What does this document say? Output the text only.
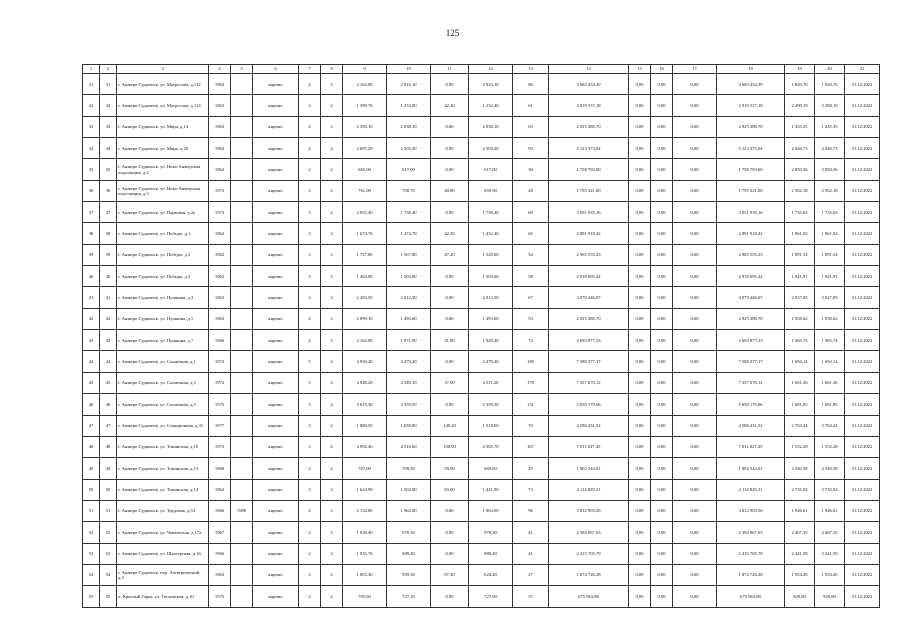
125
1	2	3	4	5	6	7	8	9	10	11	12	13	14	15	16	17	18	19	20	21
31	31	г. Анжеро-Судженск, ул. Матросова, д.112	1963		кирпич	4	3	2 164,00	2 023,10	0,00	2 023,10	86	3 683 454,39	0,00	0,00	0,00	3 683 454,39	1 820,70	1 820,70	31.12.2022
32	32	г. Анжеро-Судженск, ул. Матросова, д.114	1963		кирпич	4	2	1 399,70	1 274,80	42,40	1 232,40	61	2 919 537,18	0,00	0,00	0,00	2 919 537,18	2 290,19	2 290,19	31.12.2022
33	33	г. Анжеро-Судженск, ул. Мира, д.14	1963		кирпич	4	3	2 350,10	2 038,10	0,00	2 038,10	63	2 925 380,70	0,00	0,00	0,00	2 925 380,70	1 435,35	1 435,35	31.12.2022
34	34	г. Анжеро-Судженск, ул. Мира, д.26	1963		кирпич	4	4	2 697,20	2 503,20	0,00	2 503,20	93	5 123 373,04	0,00	0,00	0,00	5 123 373,04	2 046,73	2 046,73	31.12.2022
35	35	г. Анжеро-Судженск, ул. Ново-Анжерская подстанция, д.2	1962		кирпич	2	2	665,00	617,00	0,00	617,00	30	1 758 793,60	0,00	0,00	0,00	1 758 793,60	2 850,56	2 850,56	31.12.2022
36	36	г. Анжеро-Судженск, ул. Ново-Анжерская подстанция, д.3	1973		кирпич	2	2	761,00	700,70	40,80	659,90	28	1 795 321,60	0,00	0,00	0,00	1 795 321,60	2 562,18	2 562,18	31.12.2022
37	37	г. Анжеро-Судженск, ул. Парковая, д.2а	1973		кирпич	5	2	2 055,40	1 758,40	0,00	1 758,40	69	3 051 935,16	0,00	0,00	0,00	3 051 935,16	1 735,63	1 735,63	31.12.2022
38	38	г. Анжеро-Судженск, ул. Победы, д.1	1962		кирпич	3	3	1 674,70	1 474,70	42,30	1 432,40	65	2 891 918,42	0,00	0,00	0,00	2 891 918,42	1 961,02	1 961,02	31.12.2022
39	39	г. Анжеро-Судженск, ул. Победы, д.2	1962		кирпич	3	3	1 727,80	1 567,80	47,20	1 520,60	54	2 965 555,23	0,00	0,00	0,00	2 965 555,23	1 891,54	1 891,54	31.12.2022
40	40	г. Анжеро-Судженск, ул. Победы, д.3	1962		кирпич	3	3	1 463,00	1 503,00	0,00	1 503,00	58	2 918 695,44	0,00	0,00	0,00	2 918 695,44	1 941,91	1 941,91	31.12.2022
41	41	г. Анжеро-Судженск, ул. Пушкина, д.3	1963		кирпич	4	3	2 203,50	2 012,50	0,00	2 012,50	67	4 079 446,07	0,00	0,00	0,00	4 079 446,07	2 027,05	2 027,05	31.12.2022
42	42	г. Анжеро-Судженск, ул. Пушкина, д.5	1963		кирпич	4	3	2 099,10	1 493,60	0,00	1 493,60	53	2 925 380,70	0,00	0,00	0,00	2 925 380,70	1 958,62	1 958,62	31.12.2022
43	43	г. Анжеро-Судженск, ул. Пушкина, д.7	1966		кирпич	4	3	2 162,00	1 971,00	41,80	1 929,20	74	2 693 877,23	0,00	0,00	0,00	2 693 877,23	1 365,74	1 365,74	31.12.2022
44	44	г. Анжеро-Судженск, ул. Солнечная, д.1	1974		кирпич	5	4	4 936,20	4 479,20	0,00	4 479,20	180	7 588 377,17	0,00	0,00	0,00	7 588 377,17	1 694,14	1 694,14	31.12.2022
45	45	г. Анжеро-Судженск, ул. Солнечная, д.3	1972		кирпич	5	4	4 948,20	4 549,10	37,90	4 511,20	178	7 357 670,12	0,00	0,00	0,00	7 357 670,12	1 661,36	1 661,36	31.12.2022
46	46	г. Анжеро-Судженск, ул. Солнечная, д.5	1975		кирпич	5	4	3 615,30	3 359,50	0,00	3 359,50	131	5 650 179,06	0,00	0,00	0,00	5 650 179,06	1 681,85	1 681,85	31.12.2022
47	47	г. Анжеро-Судженск, ул. Станционная, д.31	1977		кирпич	3	2	1 880,50	1 658,80	140,20	1 518,60	70	4 586 431,52	0,00	0,00	0,00	4 586 431,52	2 763,24	2 763,24	31.12.2022
48	48	г. Анжеро-Судженск, ул. Томинская, д.10	1973		кирпич	3	6	4 992,40	4 516,60	150,90	4 365,70	167	7 011 027,45	0,00	0,00	0,00	7 011 027,45	1 552,28	1 552,28	31.12.2022
49	49	г. Анжеро-Судженск, ул. Томинская, д.13	1968		кирпич	2	2	767,00	709,50	39,90	669,60	29	1 802 544,91	0,00	0,00	0,00	1 802 544,91	2 540,58	2 540,58	31.12.2022
50	50	г. Анжеро-Судженск, ул. Томинская, д.14	1962		кирпич	3	3	1 624,90	1 504,90	83,00	1 421,90	73	4 114 829,31	0,00	0,00	0,00	4 114 829,31	2 735,02	2 735,02	31.12.2022
51	51	г. Анжеро-Судженск, ул. Трудовая, д.53	1966	1986	кирпич	4	3	2 134,80	1 964,00	0,00	1 964,00	96	3 812 903,56	0,00	0,00	0,00	3 812 903,56	1 946,61	1 946,61	31.12.2022
52	52	г. Анжеро-Судженск, ул. Чапаевская, д.17а	1967		кирпич	2	3	1 038,46	970,30	0,00	970,30	41	2 394 067,63	0,00	0,00	0,00	2 394 067,63	2 467,35	2 467,35	31.12.2022
53	53	г. Анжеро-Судженск, ул. Шахтерская, д.16	1966		кирпич	2	3	1 035,70	989,40	0,00	989,40	41	2 415 705,79	0,00	0,00	0,00	2 415 705,79	2 441,59	2 441,59	31.12.2022
54	54	г. Анжеро-Судженск, пер. Электрический, д.3	1963		кирпич	2	2	1 003,30	959,30	87,30	624,40	27	1 874 726,28	0,00	0,00	0,00	1 874 726,28	1 954,26	1 954,26	31.12.2022
55	55	п. Красный Горка, ул. Тоглинская, д.10	1975		кирпич	2	2	795,60	727,10	0,00	727,00	37	675 963,88	0,00	0,00	0,00	675 963,88	929,80	929,80	31.12.2022
